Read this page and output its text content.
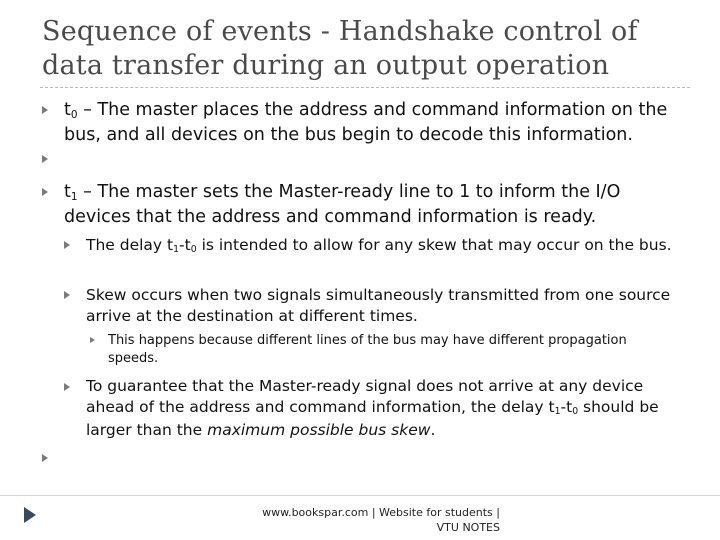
Sequence of events - Handshake control of data transfer during an output operation
$t_0$ – The master places the address and command information on the bus, and all devices on the bus begin to decode this information.
$t_1$ – The master sets the Master-ready line to 1 to inform the I/O devices that the address and command information is ready.
The delay $t_1-t_0$ is intended to allow for any skew that may occur on the bus.
Skew occurs when two signals simultaneously transmitted from one source arrive at the destination at different times.
This happens because different lines of the bus may have different propagation speeds.
To guarantee that the Master-ready signal does not arrive at any device ahead of the address and command information, the delay $t_1-t_0$ should be larger than the maximum possible bus skew.
www.bookspar.com | Website for students |
VTU NOTES
